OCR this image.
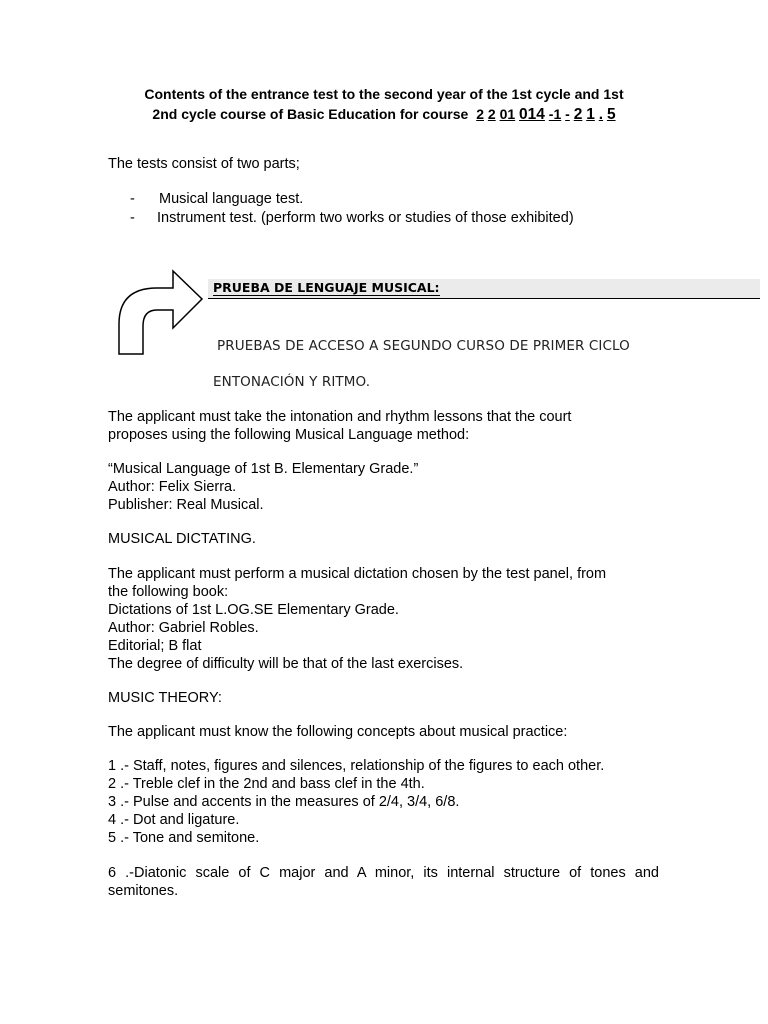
Contents of the entrance test to the second year of the 1st cycle and 1st
2nd cycle course of Basic Education for course 2 2 01 014 -1 - 2 1 . 5
The tests consist of two parts;
- Musical language test.
- Instrument test. (perform two works or studies of those exhibited)
PRUEBA DE LENGUAJE MUSICAL:
PRUEBAS DE ACCESO A SEGUNDO CURSO DE PRIMER CICLO
ENTONACIÓN Y RITMO.
The applicant must take the intonation and rhythm lessons that the court
proposes using the following Musical Language method:
“Musical Language of 1st B. Elementary Grade.”
Author: Felix Sierra.
Publisher: Real Musical.
MUSICAL DICTATING.
The applicant must perform a musical dictation chosen by the test panel, from
the following book:
Dictations of 1st L.OG.SE Elementary Grade.
Author: Gabriel Robles.
Editorial; B flat
The degree of difficulty will be that of the last exercises.
MUSIC THEORY:
The applicant must know the following concepts about musical practice:
1 .- Staff, notes, figures and silences, relationship of the figures to each other.
2 .- Treble clef in the 2nd and bass clef in the 4th.
3 .- Pulse and accents in the measures of 2/4, 3/4, 6/8.
4 .- Dot and ligature.
5 .- Tone and semitone.
6 .-Diatonic scale of C major and A minor, its internal structure of tones and semitones.
